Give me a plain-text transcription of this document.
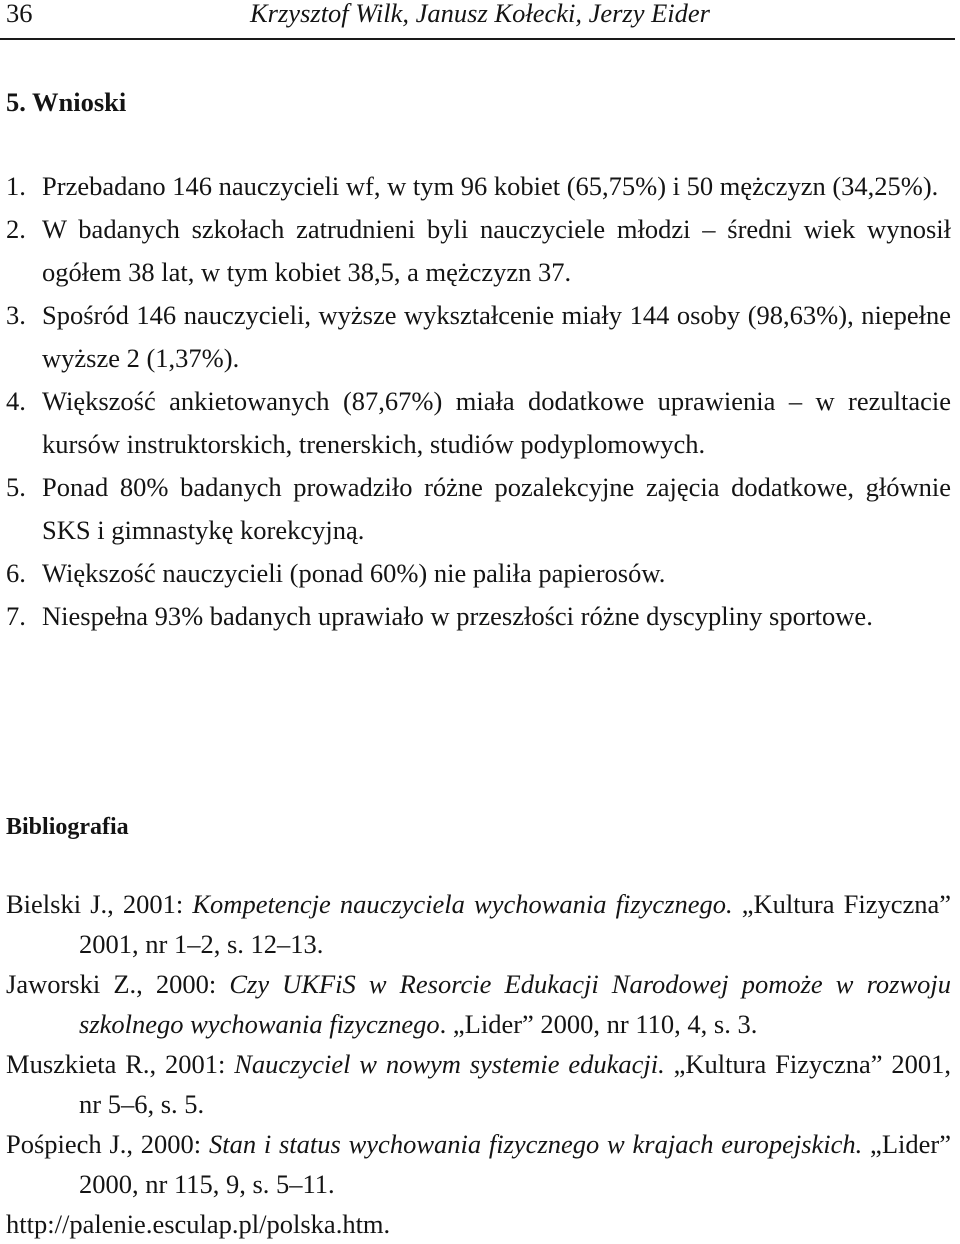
36	Krzysztof Wilk, Janusz Kołecki, Jerzy Eider
5. Wnioski
1. Przebadano 146 nauczycieli wf, w tym 96 kobiet (65,75%) i 50 mężczyzn (34,25%).
2. W badanych szkołach zatrudnieni byli nauczyciele młodzi – średni wiek wynosił ogółem 38 lat, w tym kobiet 38,5, a mężczyzn 37.
3. Spośród 146 nauczycieli, wyższe wykształcenie miały 144 osoby (98,63%), niepełne wyższe 2 (1,37%).
4. Większość ankietowanych (87,67%) miała dodatkowe uprawienia – w rezultacie kursów instruktorskich, trenerskich, studiów podyplomowych.
5. Ponad 80% badanych prowadziło różne pozalekcyjne zajęcia dodatkowe, głównie SKS i gimnastykę korekcyjną.
6. Większość nauczycieli (ponad 60%) nie paliła papierosów.
7. Niespełna 93% badanych uprawiało w przeszłości różne dyscypliny sportowe.
Bibliografia
Bielski J., 2001: Kompetencje nauczyciela wychowania fizycznego. „Kultura Fizyczna” 2001, nr 1–2, s. 12–13.
Jaworski Z., 2000: Czy UKFiS w Resorcie Edukacji Narodowej pomoże w rozwoju szkolnego wychowania fizycznego. „Lider” 2000, nr 110, 4, s. 3.
Muszkieta R., 2001: Nauczyciel w nowym systemie edukacji. „Kultura Fizyczna” 2001, nr 5–6, s. 5.
Pośpiech J., 2000: Stan i status wychowania fizycznego w krajach europejskich. „Lider” 2000, nr 115, 9, s. 5–11.
http://palenie.esculap.pl/polska.htm.
